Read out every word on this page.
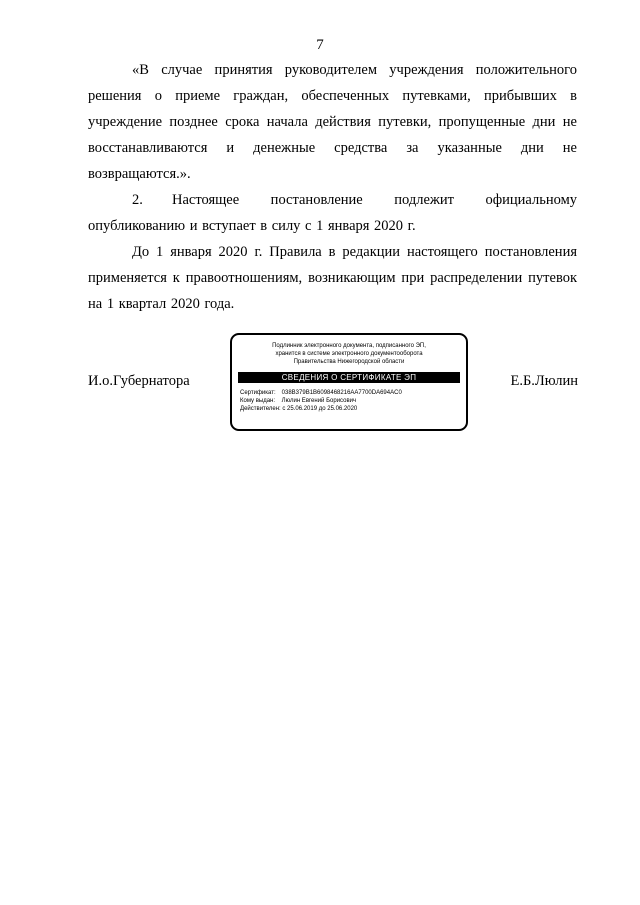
7

«В случае принятия руководителем учреждения положительного решения о приеме граждан, обеспеченных путевками, прибывших в учреждение позднее срока начала действия путевки, пропущенные дни не восстанавливаются и денежные средства за указанные дни не возвращаются.».

2. Настоящее постановление подлежит официальному опубликованию и вступает в силу с 1 января 2020 г.

До 1 января 2020 г. Правила в редакции настоящего постановления применяется к правоотношениям, возникающим при распределении путевок на 1 квартал 2020 года.

И.о.Губернатора
Подлинник электронного документа, подписанного ЭП,
хранится в системе электронного документооборота
Правительства Нижегородской области
СВЕДЕНИЯ О СЕРТИФИКАТЕ ЭП
Сертификат: 038B379B1B6098468216AA7700DA694AC0
Кому выдан: Люлин Евгений Борисович
Действителен: с 25.06.2019 до 25.06.2020
Е.Б.Люлин
